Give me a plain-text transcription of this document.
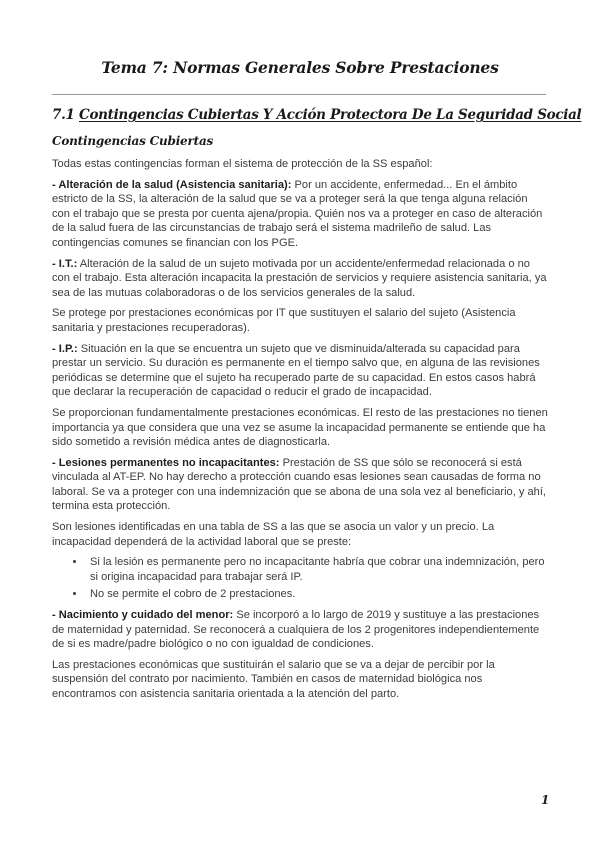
Tema 7: Normas Generales Sobre Prestaciones
7.1 Contingencias Cubiertas Y Acción Protectora De La Seguridad Social
Contingencias Cubiertas

Todas estas contingencias forman el sistema de protección de la SS español:

- Alteración de la salud (Asistencia sanitaria): Por un accidente, enfermedad... En el ámbito estricto de la SS, la alteración de la salud que se va a proteger será la que tenga alguna relación con el trabajo que se presta por cuenta ajena/propia. Quién nos va a proteger en caso de alteración de la salud fuera de las circunstancias de trabajo será el sistema madrileño de salud. Las contingencias comunes se financian con los PGE.

- I.T.: Alteración de la salud de un sujeto motivada por un accidente/enfermedad relacionada o no con el trabajo. Esta alteración incapacita la prestación de servicios y requiere asistencia sanitaria, ya sea de las mutuas colaboradoras o de los servicios generales de la salud.

Se protege por prestaciones económicas por IT que sustituyen el salario del sujeto (Asistencia sanitaria y prestaciones recuperadoras).

- I.P.: Situación en la que se encuentra un sujeto que ve disminuida/alterada su capacidad para prestar un servicio. Su duración es permanente en el tiempo salvo que, en alguna de las revisiones periódicas se determine que el sujeto ha recuperado parte de su capacidad. En estos casos habrá que declarar la recuperación de capacidad o reducir el grado de incapacidad.

Se proporcionan fundamentalmente prestaciones económicas. El resto de las prestaciones no tienen importancia ya que considera que una vez se asume la incapacidad permanente se entiende que ha sido sometido a revisión médica antes de diagnosticarla.

- Lesiones permanentes no incapacitantes: Prestación de SS que sólo se reconocerá si está vinculada al AT-EP. No hay derecho a protección cuando esas lesiones sean causadas de forma no laboral. Se va a proteger con una indemnización que se abona de una sola vez al beneficiario, y ahí, termina esta protección.

Son lesiones identificadas en una tabla de SS a las que se asocia un valor y un precio. La incapacidad dependerá de la actividad laboral que se preste:

• Si la lesión es permanente pero no incapacitante habría que cobrar una indemnización, pero si origina incapacidad para trabajar será IP.
• No se permite el cobro de 2 prestaciones.

- Nacimiento y cuidado del menor: Se incorporó a lo largo de 2019 y sustituye a las prestaciones de maternidad y paternidad. Se reconocerá a cualquiera de los 2 progenitores independientemente de si es madre/padre biológico o no con igualdad de condiciones.

Las prestaciones económicas que sustituirán el salario que se va a dejar de percibir por la suspensión del contrato por nacimiento. También en casos de maternidad biológica nos encontramos con asistencia sanitaria orientada a la atención del parto.

1
